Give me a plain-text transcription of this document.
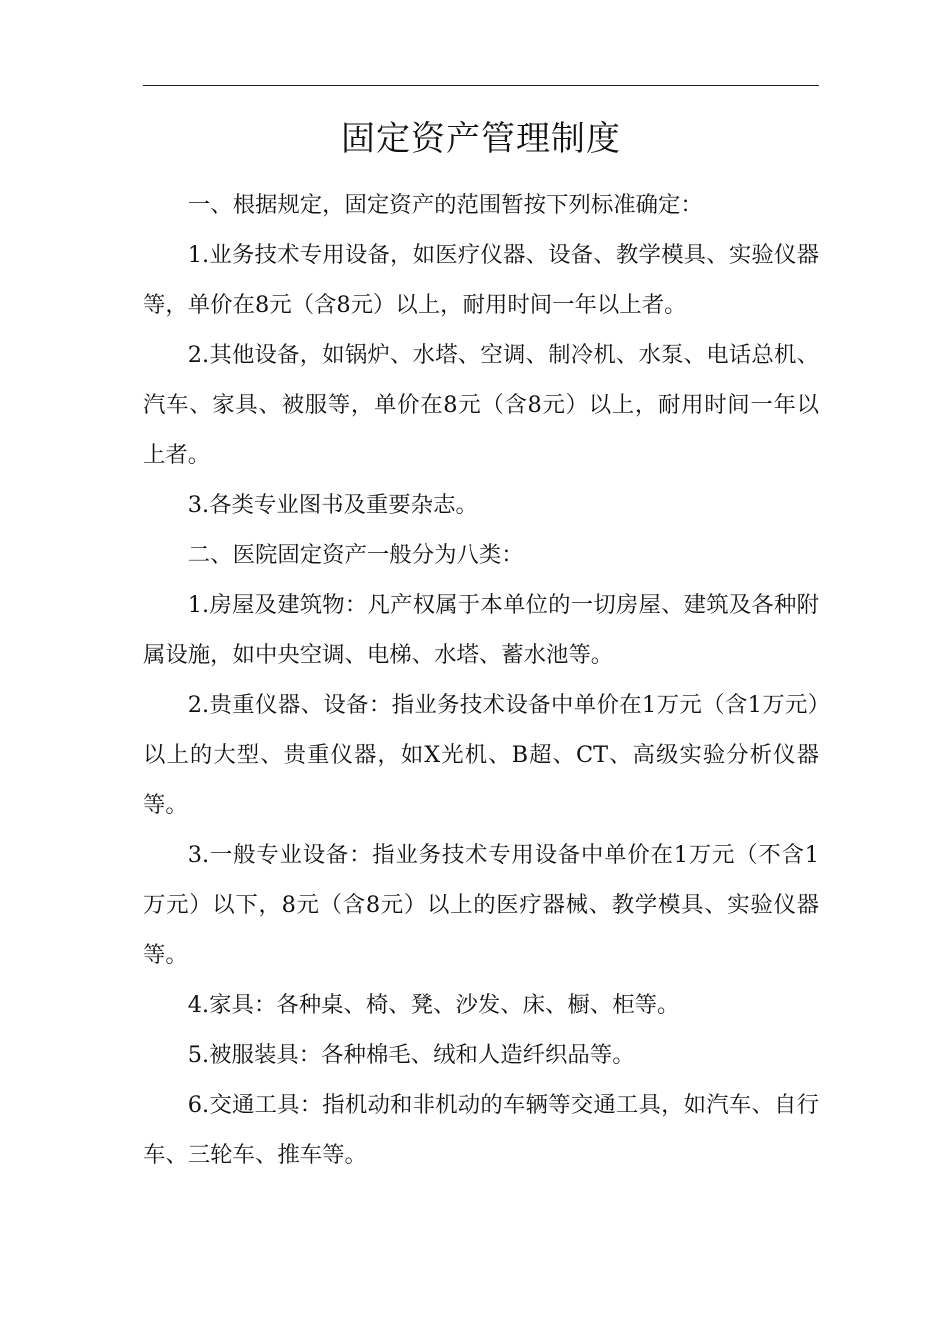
固定资产管理制度

一、根据规定，固定资产的范围暂按下列标准确定：

1.业务技术专用设备，如医疗仪器、设备、教学模具、实验仪器等，单价在8元（含8元）以上，耐用时间一年以上者。

2.其他设备，如锅炉、水塔、空调、制冷机、水泵、电话总机、汽车、家具、被服等，单价在8元（含8元）以上，耐用时间一年以上者。

3.各类专业图书及重要杂志。

二、医院固定资产一般分为八类：

1.房屋及建筑物：凡产权属于本单位的一切房屋、建筑及各种附属设施，如中央空调、电梯、水塔、蓄水池等。

2.贵重仪器、设备：指业务技术设备中单价在1万元（含1万元）以上的大型、贵重仪器，如X光机、B超、CT、高级实验分析仪器等。

3.一般专业设备：指业务技术专用设备中单价在1万元（不含1万元）以下，8元（含8元）以上的医疗器械、教学模具、实验仪器等。

4.家具：各种桌、椅、凳、沙发、床、橱、柜等。

5.被服装具：各种棉毛、绒和人造纤织品等。

6.交通工具：指机动和非机动的车辆等交通工具，如汽车、自行车、三轮车、推车等。
